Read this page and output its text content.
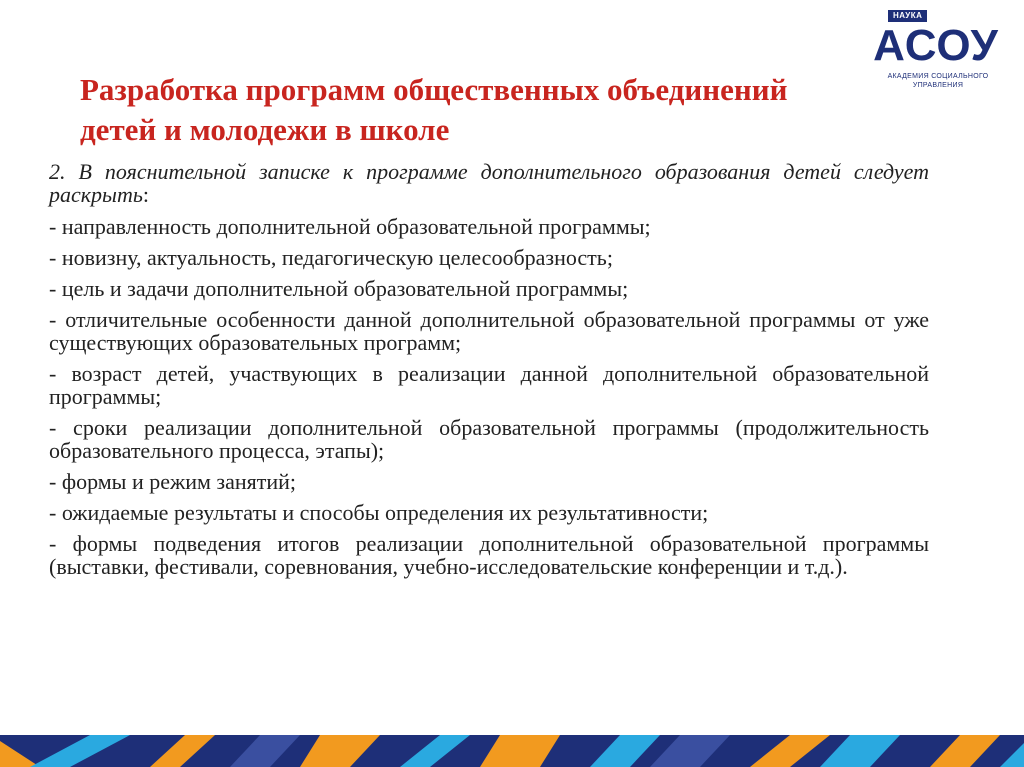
НАУКА
АСОУ
АКАДЕМИЯ СОЦИАЛЬНОГО
УПРАВЛЕНИЯ
Разработка программ общественных объединений детей и молодежи в школе

2. В пояснительной записке к программе дополнительного образования детей следует раскрыть:

- направленность дополнительной образовательной программы;
- новизну, актуальность, педагогическую целесообразность;
- цель и задачи дополнительной образовательной программы;
- отличительные особенности данной дополнительной образовательной программы от уже существующих образовательных программ;
- возраст детей, участвующих в реализации данной дополнительной образовательной программы;
- сроки реализации дополнительной образовательной программы (продолжительность образовательного процесса, этапы);
- формы и режим занятий;
- ожидаемые результаты и способы определения их результативности;
- формы подведения итогов реализации дополнительной образовательной программы (выставки, фестивали, соревнования, учебно-исследовательские конференции и т.д.).
